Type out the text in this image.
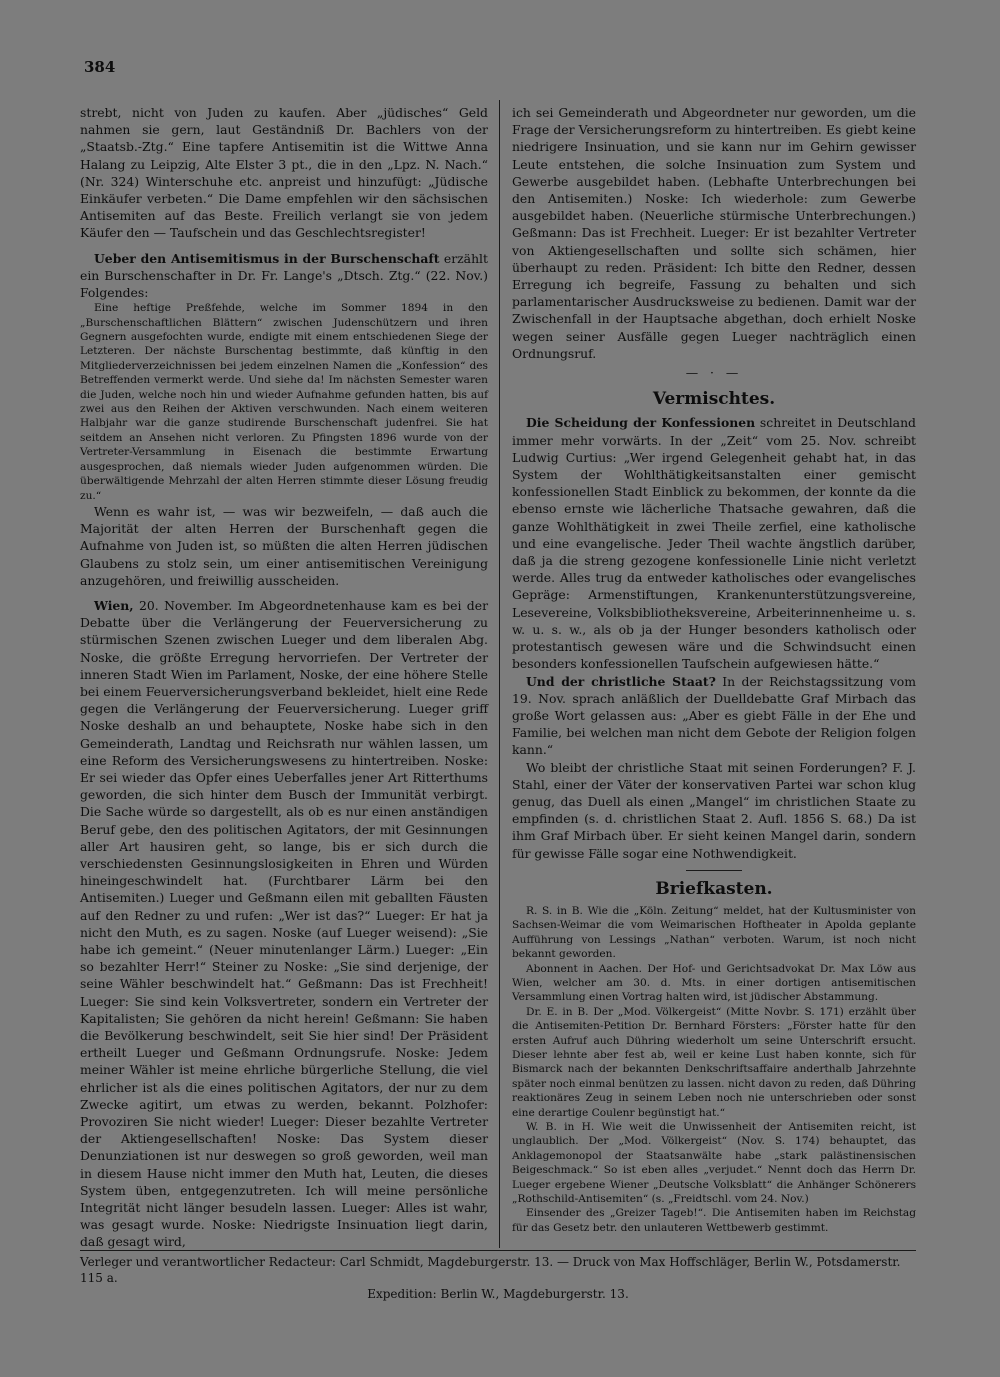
384

strebt, nicht von Juden zu kaufen. Aber „jüdisches“ Geld nahmen sie gern, laut Geständniß Dr. Bachlers von der „Staatsb.-Ztg.“ Eine tapfere Antisemitin ist die Wittwe Anna Halang zu Leipzig, Alte Elster 3 pt., die in den „Lpz. N. Nach.“ (Nr. 324) Winterschuhe etc. anpreist und hinzufügt: „Jüdische Einkäufer verbeten.“ Die Dame empfehlen wir den sächsischen Antisemiten auf das Beste. Freilich verlangt sie von jedem Käufer den — Taufschein und das Geschlechtsregister!

Ueber den Antisemitismus in der Burschenschaft erzählt ein Burschenschafter in Dr. Fr. Lange's „Dtsch. Ztg.“ (22. Nov.) Folgendes:

Eine heftige Preßfehde, welche im Sommer 1894 in den „Burschenschaftlichen Blättern“ zwischen Judenschützern und ihren Gegnern ausgefochten wurde, endigte mit einem entschiedenen Siege der Letzteren. Der nächste Burschentag bestimmte, daß künftig in den Mitgliederverzeichnissen bei jedem einzelnen Namen die „Konfession“ des Betreffenden vermerkt werde. Und siehe da! Im nächsten Semester waren die Juden, welche noch hin und wieder Aufnahme gefunden hatten, bis auf zwei aus den Reihen der Aktiven verschwunden. Nach einem weiteren Halbjahr war die ganze studirende Burschenschaft judenfrei. Sie hat seitdem an Ansehen nicht verloren. Zu Pfingsten 1896 wurde von der Vertreter-Versammlung in Eisenach die bestimmte Erwartung ausgesprochen, daß niemals wieder Juden aufgenommen würden. Die überwältigende Mehrzahl der alten Herren stimmte dieser Lösung freudig zu.“

Wenn es wahr ist, — was wir bezweifeln, — daß auch die Majorität der alten Herren der Burschenhaft gegen die Aufnahme von Juden ist, so müßten die alten Herren jüdischen Glaubens zu stolz sein, um einer antisemitischen Vereinigung anzugehören, und freiwillig ausscheiden.

Wien, 20. November. Im Abgeordnetenhause kam es bei der Debatte über die Verlängerung der Feuerversicherung zu stürmischen Szenen zwischen Lueger und dem liberalen Abg. Noske, die größte Erregung hervorriefen. Der Vertreter der inneren Stadt Wien im Parlament, Noske, der eine höhere Stelle bei einem Feuerversicherungsverband bekleidet, hielt eine Rede gegen die Verlängerung der Feuerversicherung. Lueger griff Noske deshalb an und behauptete, Noske habe sich in den Gemeinderath, Landtag und Reichsrath nur wählen lassen, um eine Reform des Versicherungswesens zu hintertreiben. Noske: Er sei wieder das Opfer eines Ueberfalles jener Art Ritterthums geworden, die sich hinter dem Busch der Immunität verbirgt. Die Sache würde so dargestellt, als ob es nur einen anständigen Beruf gebe, den des politischen Agitators, der mit Gesinnungen aller Art hausiren geht, so lange, bis er sich durch die verschiedensten Gesinnungslosigkeiten in Ehren und Würden hineingeschwindelt hat. (Furchtbarer Lärm bei den Antisemiten.) Lueger und Geßmann eilen mit geballten Fäusten auf den Redner zu und rufen: „Wer ist das?“ Lueger: Er hat ja nicht den Muth, es zu sagen. Noske (auf Lueger weisend): „Sie habe ich gemeint.“ (Neuer minutenlanger Lärm.) Lueger: „Ein so bezahlter Herr!“ Steiner zu Noske: „Sie sind derjenige, der seine Wähler beschwindelt hat.“ Geßmann: Das ist Frechheit! Lueger: Sie sind kein Volksvertreter, sondern ein Vertreter der Kapitalisten; Sie gehören da nicht herein! Geßmann: Sie haben die Bevölkerung beschwindelt, seit Sie hier sind! Der Präsident ertheilt Lueger und Geßmann Ordnungsrufe. Noske: Jedem meiner Wähler ist meine ehrliche bürgerliche Stellung, die viel ehrlicher ist als die eines politischen Agitators, der nur zu dem Zwecke agitirt, um etwas zu werden, bekannt. Polzhofer: Provoziren Sie nicht wieder! Lueger: Dieser bezahlte Vertreter der Aktiengesellschaften! Noske: Das System dieser Denunziationen ist nur deswegen so groß geworden, weil man in diesem Hause nicht immer den Muth hat, Leuten, die dieses System üben, entgegenzutreten. Ich will meine persönliche Integrität nicht länger besudeln lassen. Lueger: Alles ist wahr, was gesagt wurde. Noske: Niedrigste Insinuation liegt darin, daß gesagt wird,

ich sei Gemeinderath und Abgeordneter nur geworden, um die Frage der Versicherungsreform zu hintertreiben. Es giebt keine niedrigere Insinuation, und sie kann nur im Gehirn gewisser Leute entstehen, die solche Insinuation zum System und Gewerbe ausgebildet haben. (Lebhafte Unterbrechungen bei den Antisemiten.) Noske: Ich wiederhole: zum Gewerbe ausgebildet haben. (Neuerliche stürmische Unterbrechungen.) Geßmann: Das ist Frechheit. Lueger: Er ist bezahlter Vertreter von Aktiengesellschaften und sollte sich schämen, hier überhaupt zu reden. Präsident: Ich bitte den Redner, dessen Erregung ich begreife, Fassung zu behalten und sich parlamentarischer Ausdrucksweise zu bedienen. Damit war der Zwischenfall in der Hauptsache abgethan, doch erhielt Noske wegen seiner Ausfälle gegen Lueger nachträglich einen Ordnungsruf.

— · —
Vermischtes.

Die Scheidung der Konfessionen schreitet in Deutschland immer mehr vorwärts. In der „Zeit“ vom 25. Nov. schreibt Ludwig Curtius: „Wer irgend Gelegenheit gehabt hat, in das System der Wohlthätigkeitsanstalten einer gemischt konfessionellen Stadt Einblick zu bekommen, der konnte da die ebenso ernste wie lächerliche Thatsache gewahren, daß die ganze Wohlthätigkeit in zwei Theile zerfiel, eine katholische und eine evangelische. Jeder Theil wachte ängstlich darüber, daß ja die streng gezogene konfessionelle Linie nicht verletzt werde. Alles trug da entweder katholisches oder evangelisches Gepräge: Armenstiftungen, Krankenunterstützungsvereine, Lesevereine, Volksbibliotheksvereine, Arbeiterinnenheime u. s. w. u. s. w., als ob ja der Hunger besonders katholisch oder protestantisch gewesen wäre und die Schwindsucht einen besonders konfessionellen Taufschein aufgewiesen hätte.“

Und der christliche Staat? In der Reichstagssitzung vom 19. Nov. sprach anläßlich der Duelldebatte Graf Mirbach das große Wort gelassen aus: „Aber es giebt Fälle in der Ehe und Familie, bei welchen man nicht dem Gebote der Religion folgen kann.“

Wo bleibt der christliche Staat mit seinen Forderungen? F. J. Stahl, einer der Väter der konservativen Partei war schon klug genug, das Duell als einen „Mangel“ im christlichen Staate zu empfinden (s. d. christlichen Staat 2. Aufl. 1856 S. 68.) Da ist ihm Graf Mirbach über. Er sieht keinen Mangel darin, sondern für gewisse Fälle sogar eine Nothwendigkeit.

Briefkasten.

R. S. in B. Wie die „Köln. Zeitung“ meldet, hat der Kultusminister von Sachsen-Weimar die vom Weimarischen Hoftheater in Apolda geplante Aufführung von Lessings „Nathan“ verboten. Warum, ist noch nicht bekannt geworden.

Abonnent in Aachen. Der Hof- und Gerichtsadvokat Dr. Max Löw aus Wien, welcher am 30. d. Mts. in einer dortigen antisemitischen Versammlung einen Vortrag halten wird, ist jüdischer Abstammung.

Dr. E. in B. Der „Mod. Völkergeist“ (Mitte Novbr. S. 171) erzählt über die Antisemiten-Petition Dr. Bernhard Försters: „Förster hatte für den ersten Aufruf auch Dühring wiederholt um seine Unterschrift ersucht. Dieser lehnte aber fest ab, weil er keine Lust haben konnte, sich für Bismarck nach der bekannten Denkschriftsaffaire anderthalb Jahrzehnte später noch einmal benützen zu lassen. nicht davon zu reden, daß Dühring reaktionäres Zeug in seinem Leben noch nie unterschrieben oder sonst eine derartige Coulenr begünstigt hat.“

W. B. in H. Wie weit die Unwissenheit der Antisemiten reicht, ist unglaublich. Der „Mod. Völkergeist“ (Nov. S. 174) behauptet, das Anklagemonopol der Staatsanwälte habe „stark palästinensischen Beigeschmack.“ So ist eben alles „verjudet.“ Nennt doch das Herrn Dr. Lueger ergebene Wiener „Deutsche Volksblatt“ die Anhänger Schönerers „Rothschild-Antisemiten“ (s. „Freidtschl. vom 24. Nov.)

Einsender des „Greizer Tageb!“. Die Antisemiten haben im Reichstag für das Gesetz betr. den unlauteren Wettbewerb gestimmt.

Verleger und verantwortlicher Redacteur: Carl Schmidt, Magdeburgerstr. 13. — Druck von Max Hoffschläger, Berlin W., Potsdamerstr. 115 a.
Expedition: Berlin W., Magdeburgerstr. 13.
